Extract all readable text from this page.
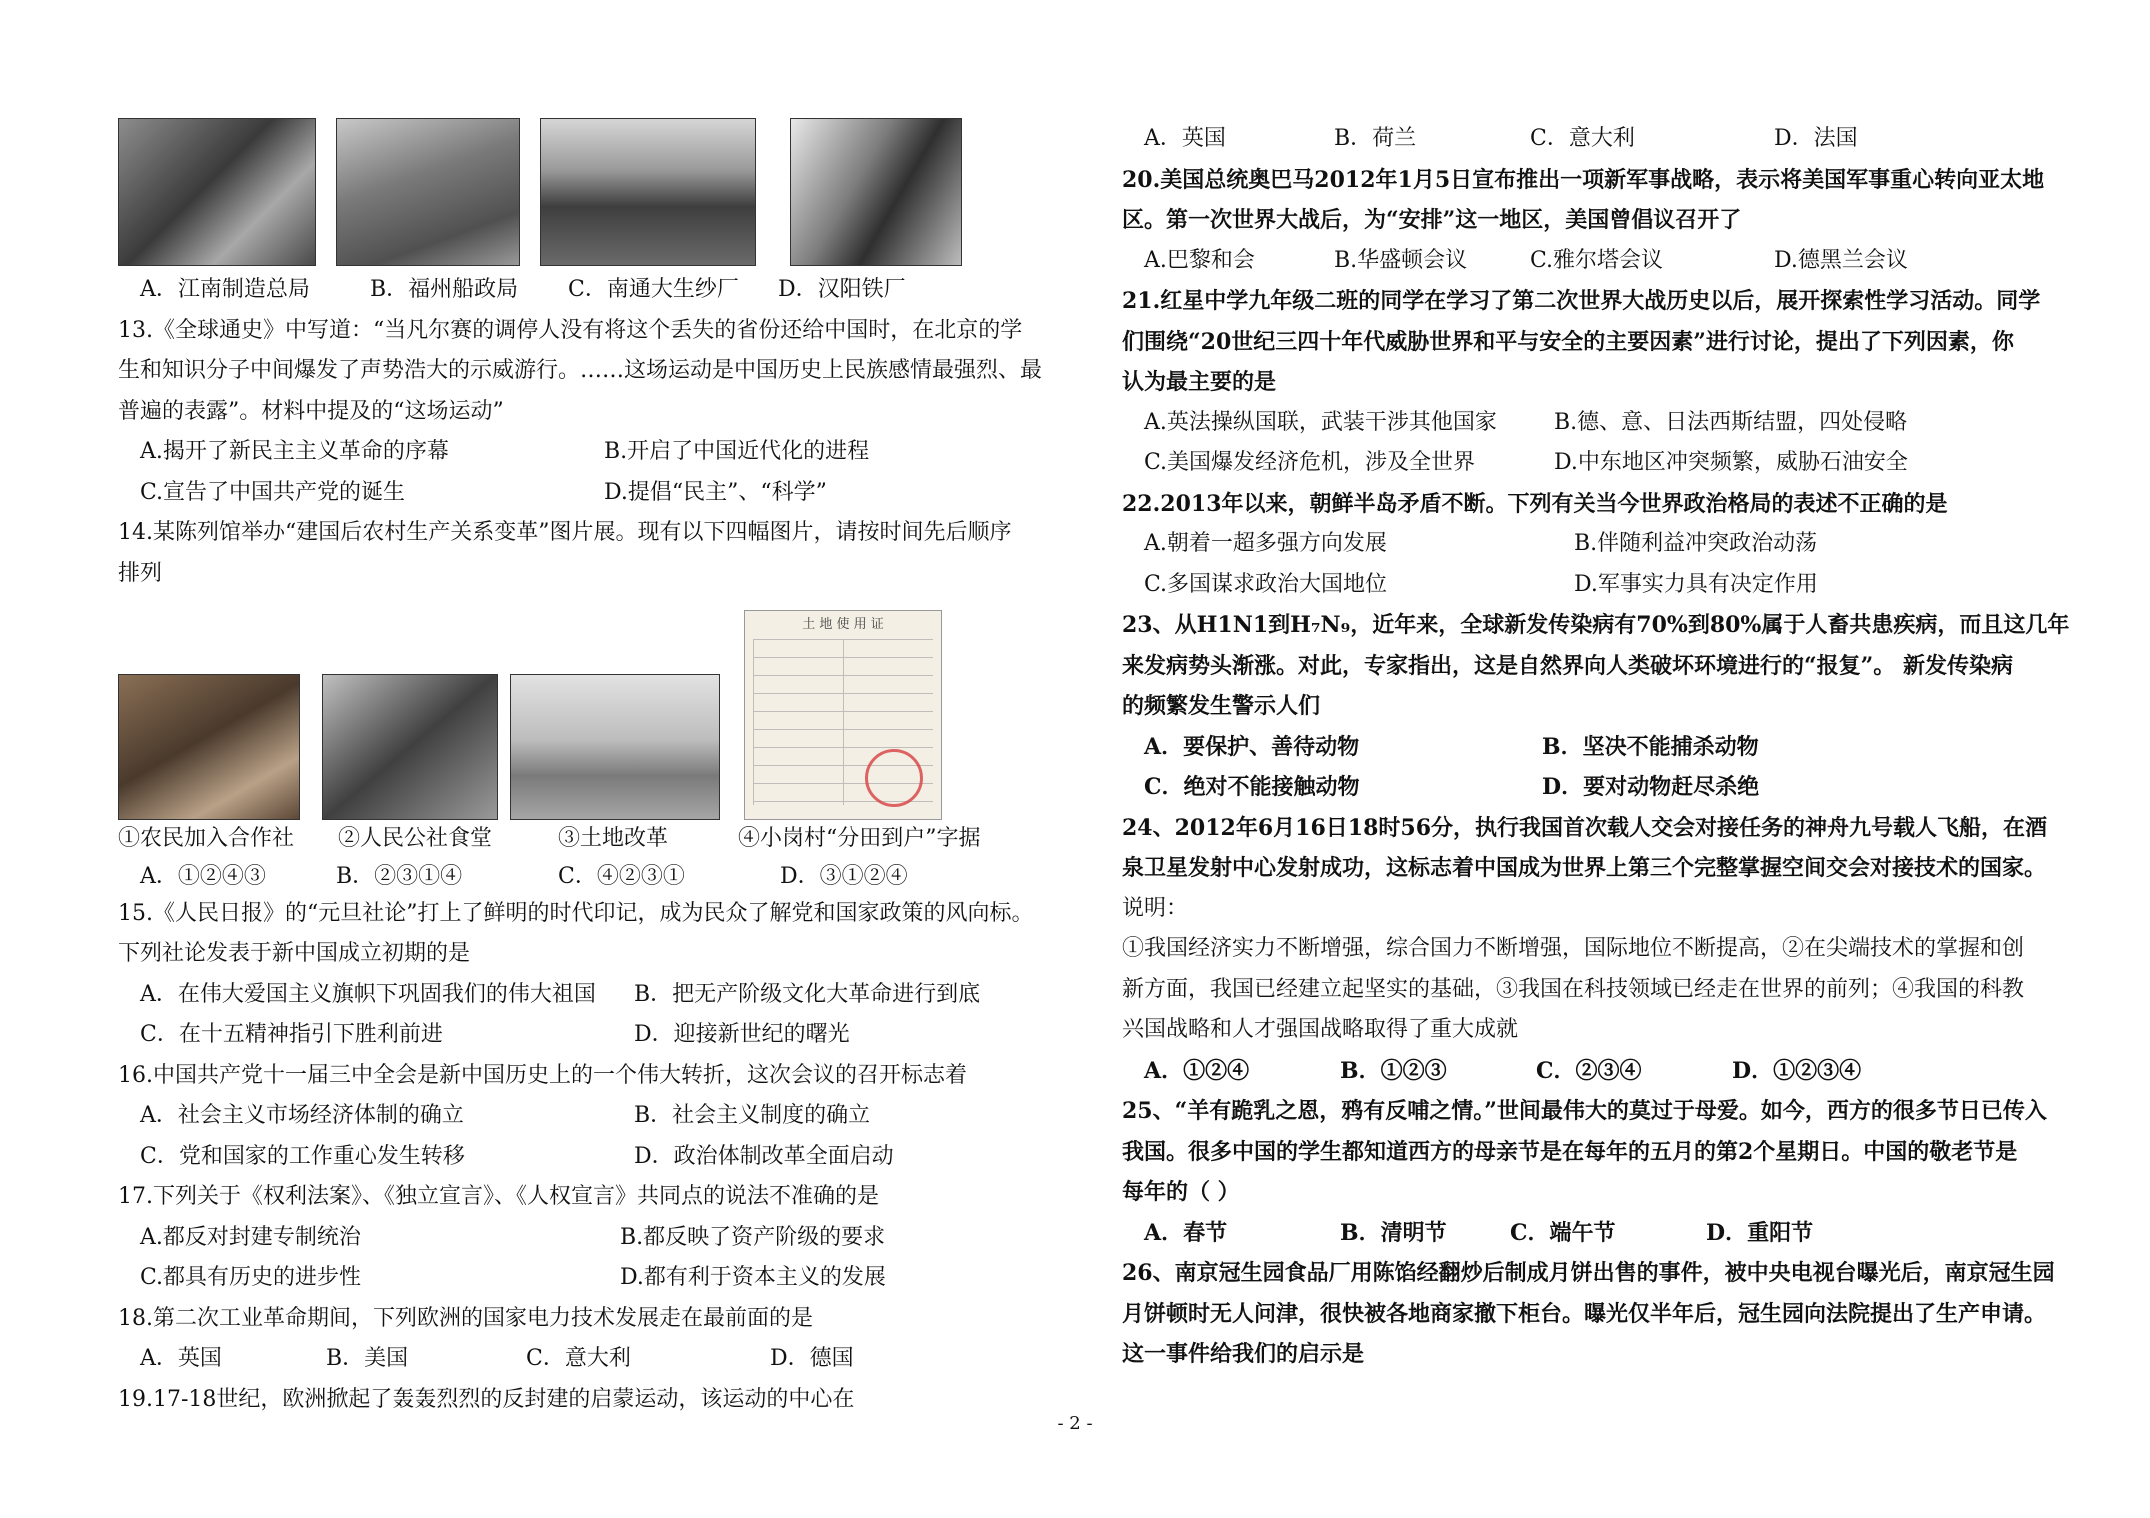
A．江南制造总局	B．福州船政局	C．南通大生纱厂	D．汉阳铁厂
13.《全球通史》中写道：“当凡尔赛的调停人没有将这个丢失的省份还给中国时，在北京的学
生和知识分子中间爆发了声势浩大的示威游行。……这场运动是中国历史上民族感情最强烈、最
普遍的表露”。材料中提及的“这场运动”
A.揭开了新民主主义革命的序幕	B.开启了中国近代化的进程
C.宣告了中国共产党的诞生	D.提倡“民主”、“科学”
14.某陈列馆举办“建国后农村生产关系变革”图片展。现有以下四幅图片，请按时间先后顺序
排列
土 地 使 用 证
①农民加入合作社 ②人民公社食堂	③土地改革	④小岗村“分田到户”字据
A．①②④③	B．②③①④	C．④②③①	D．③①②④
15.《人民日报》的“元旦社论”打上了鲜明的时代印记，成为民众了解党和国家政策的风向标。
下列社论发表于新中国成立初期的是
A．在伟大爱国主义旗帜下巩固我们的伟大祖国	B．把无产阶级文化大革命进行到底
C．在十五精神指引下胜利前进	D．迎接新世纪的曙光
16.中国共产党十一届三中全会是新中国历史上的一个伟大转折，这次会议的召开标志着
A．社会主义市场经济体制的确立	B．社会主义制度的确立
C．党和国家的工作重心发生转移	D．政治体制改革全面启动
17.下列关于《权利法案》、《独立宣言》、《人权宣言》共同点的说法不准确的是
A.都反对封建专制统治	B.都反映了资产阶级的要求
C.都具有历史的进步性	D.都有利于资本主义的发展
18.第二次工业革命期间，下列欧洲的国家电力技术发展走在最前面的是
A．英国	B．美国	C．意大利	D．德国
19.17-18世纪，欧洲掀起了轰轰烈烈的反封建的启蒙运动，该运动的中心在
A．英国	B．荷兰	C．意大利	D．法国
20.美国总统奥巴马2012年1月5日宣布推出一项新军事战略，表示将美国军事重心转向亚太地
区。第一次世界大战后，为“安排”这一地区，美国曾倡议召开了
A.巴黎和会	B.华盛顿会议	C.雅尔塔会议	D.德黑兰会议
21.红星中学九年级二班的同学在学习了第二次世界大战历史以后，展开探索性学习活动。同学
们围绕“20世纪三四十年代威胁世界和平与安全的主要因素”进行讨论，提出了下列因素，你
认为最主要的是
A.英法操纵国联，武装干涉其他国家	B.德、意、日法西斯结盟，四处侵略
C.美国爆发经济危机，涉及全世界	D.中东地区冲突频繁，威胁石油安全
22.2013年以来，朝鲜半岛矛盾不断。下列有关当今世界政治格局的表述不正确的是
A.朝着一超多强方向发展	B.伴随利益冲突政治动荡
C.多国谋求政治大国地位	D.军事实力具有决定作用
23、从H1N1到H₇N₉，近年来，全球新发传染病有70%到80%属于人畜共患疾病，而且这几年
来发病势头渐涨。对此，专家指出，这是自然界向人类破坏环境进行的“报复”。 新发传染病
的频繁发生警示人们
A．要保护、善待动物	B．坚决不能捕杀动物
C．绝对不能接触动物	D．要对动物赶尽杀绝
24、2012年6月16日18时56分，执行我国首次载人交会对接任务的神舟九号载人飞船，在酒
泉卫星发射中心发射成功，这标志着中国成为世界上第三个完整掌握空间交会对接技术的国家。
说明：
①我国经济实力不断增强，综合国力不断增强，国际地位不断提高，②在尖端技术的掌握和创
新方面，我国已经建立起坚实的基础，③我国在科技领域已经走在世界的前列；④我国的科教
兴国战略和人才强国战略取得了重大成就
A．①②④	B．①②③	C．②③④	D．①②③④
25、“羊有跪乳之恩，鸦有反哺之情。”世间最伟大的莫过于母爱。如今，西方的很多节日已传入
我国。很多中国的学生都知道西方的母亲节是在每年的五月的第2个星期日。中国的敬老节是
每年的（ ）
A．春节	B．清明节	C．端午节	D．重阳节
26、南京冠生园食品厂用陈馅经翻炒后制成月饼出售的事件，被中央电视台曝光后，南京冠生园
月饼顿时无人问津，很快被各地商家撤下柜台。曝光仅半年后，冠生园向法院提出了生产申请。
这一事件给我们的启示是
- 2 -
